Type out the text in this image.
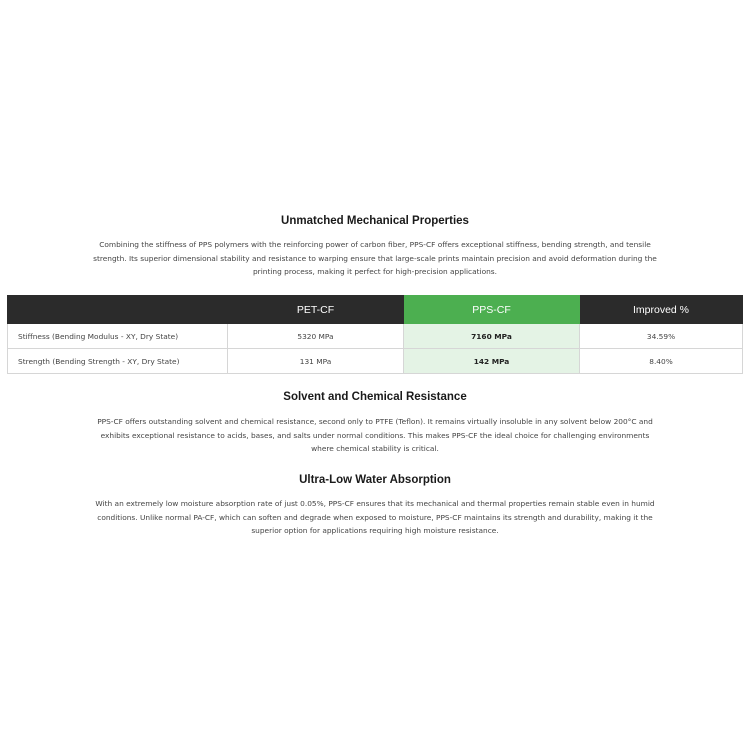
Unmatched Mechanical Properties

Combining the stiffness of PPS polymers with the reinforcing power of carbon fiber, PPS-CF offers exceptional stiffness, bending strength, and tensile strength. Its superior dimensional stability and resistance to warping ensure that large-scale prints maintain precision and avoid deformation during the printing process, making it perfect for high-precision applications.

	PET-CF	PPS-CF	Improved %
Stiffness (Bending Modulus - XY, Dry State)	5320 MPa	7160 MPa	34.59%
Strength (Bending Strength - XY, Dry State)	131 MPa	142 MPa	8.40%
Solvent and Chemical Resistance

PPS-CF offers outstanding solvent and chemical resistance, second only to PTFE (Teflon). It remains virtually insoluble in any solvent below 200°C and exhibits exceptional resistance to acids, bases, and salts under normal conditions. This makes PPS-CF the ideal choice for challenging environments where chemical stability is critical.

Ultra-Low Water Absorption

With an extremely low moisture absorption rate of just 0.05%, PPS-CF ensures that its mechanical and thermal properties remain stable even in humid conditions. Unlike normal PA-CF, which can soften and degrade when exposed to moisture, PPS-CF maintains its strength and durability, making it the superior option for applications requiring high moisture resistance.
